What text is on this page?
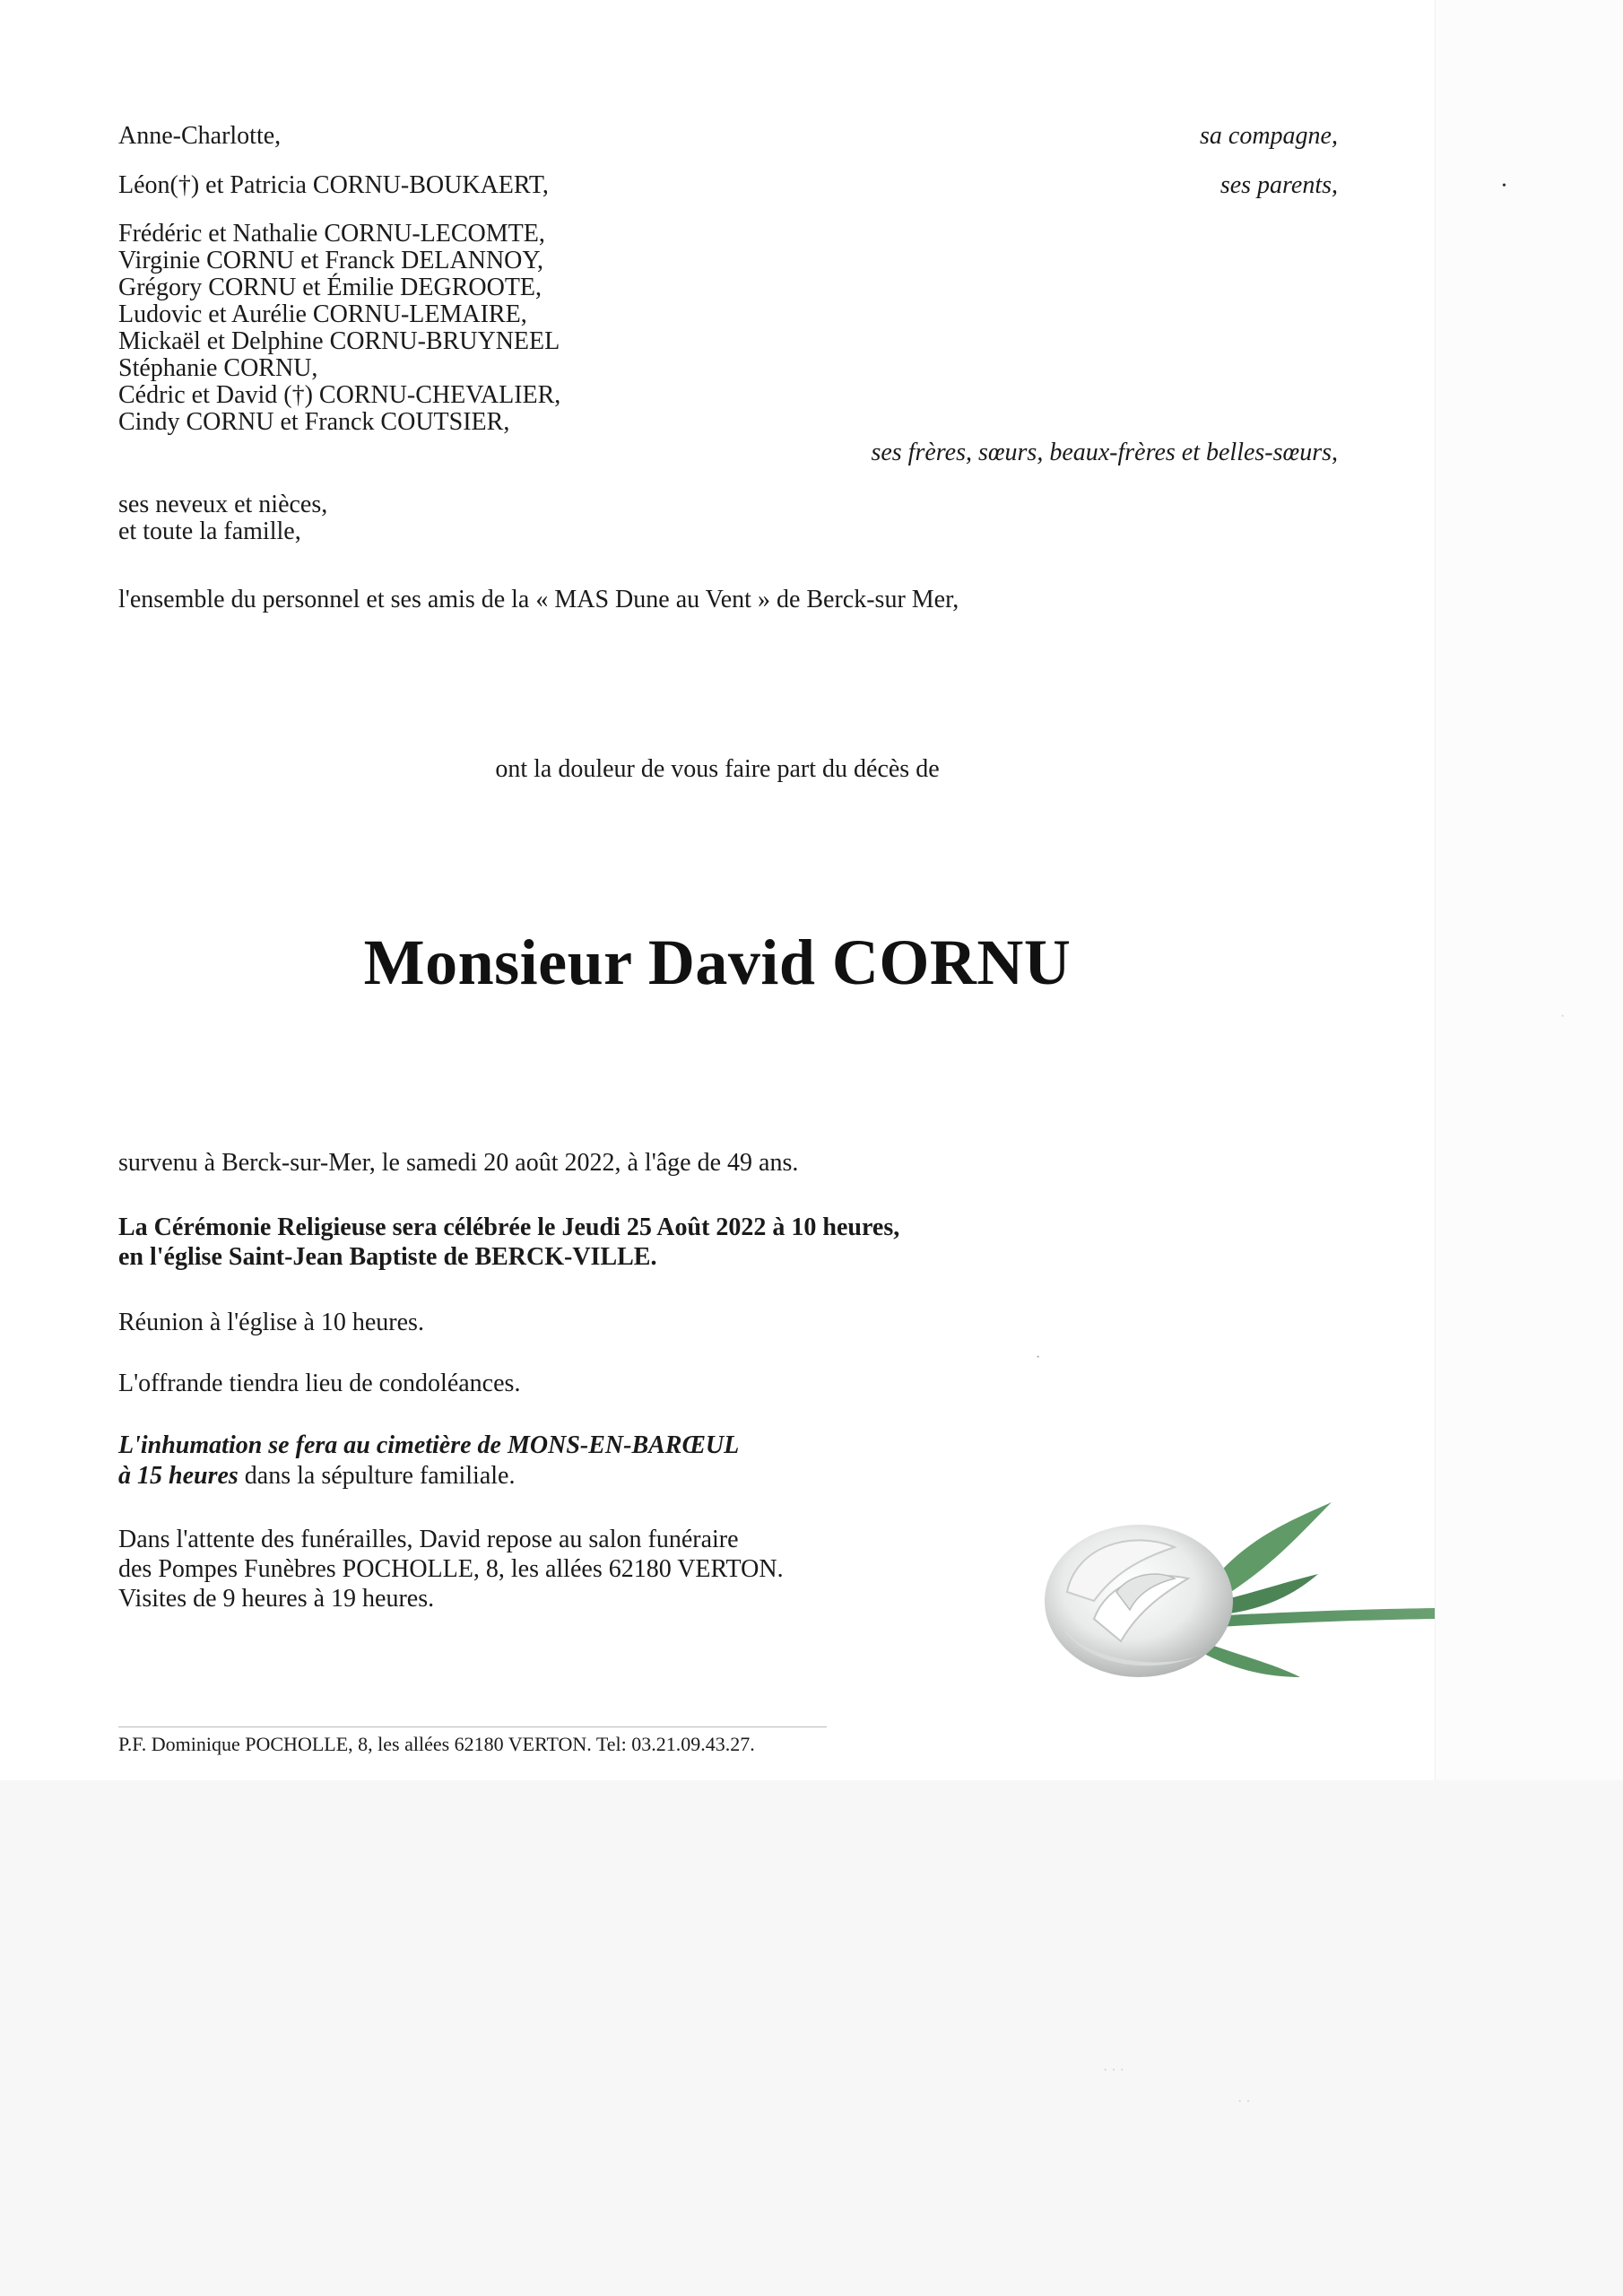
Anne-Charlotte,	sa compagne,
Léon(†) et Patricia CORNU-BOUKAERT,	ses parents,
Frédéric et Nathalie CORNU-LECOMTE,
Virginie CORNU et Franck DELANNOY,
Grégory CORNU et Émilie DEGROOTE,
Ludovic et Aurélie CORNU-LEMAIRE,
Mickaël et Delphine CORNU-BRUYNEEL
Stéphanie CORNU,
Cédric et David (†) CORNU-CHEVALIER,
Cindy CORNU et Franck COUTSIER,
ses frères, sœurs, beaux-frères et belles-sœurs,
ses neveux et nièces,
et toute la famille,
l'ensemble du personnel et ses amis de la « MAS Dune au Vent » de Berck-sur Mer,
ont la douleur de vous faire part du décès de
Monsieur David CORNU
survenu à Berck-sur-Mer, le samedi 20 août 2022, à l'âge de 49 ans.
La Cérémonie Religieuse sera célébrée le Jeudi 25 Août 2022 à 10 heures,
en l'église Saint-Jean Baptiste de BERCK-VILLE.
Réunion à l'église à 10 heures.
L'offrande tiendra lieu de condoléances.
L'inhumation se fera au cimetière de MONS-EN-BARŒUL
à 15 heures dans la sépulture familiale.
Dans l'attente des funérailles, David repose au salon funéraire
des Pompes Funèbres POCHOLLE, 8, les allées 62180 VERTON.
Visites de 9 heures à 19 heures.
P.F. Dominique POCHOLLE, 8, les allées 62180 VERTON. Tel: 03.21.09.43.27.
•
·
·
· · ·
· ·
